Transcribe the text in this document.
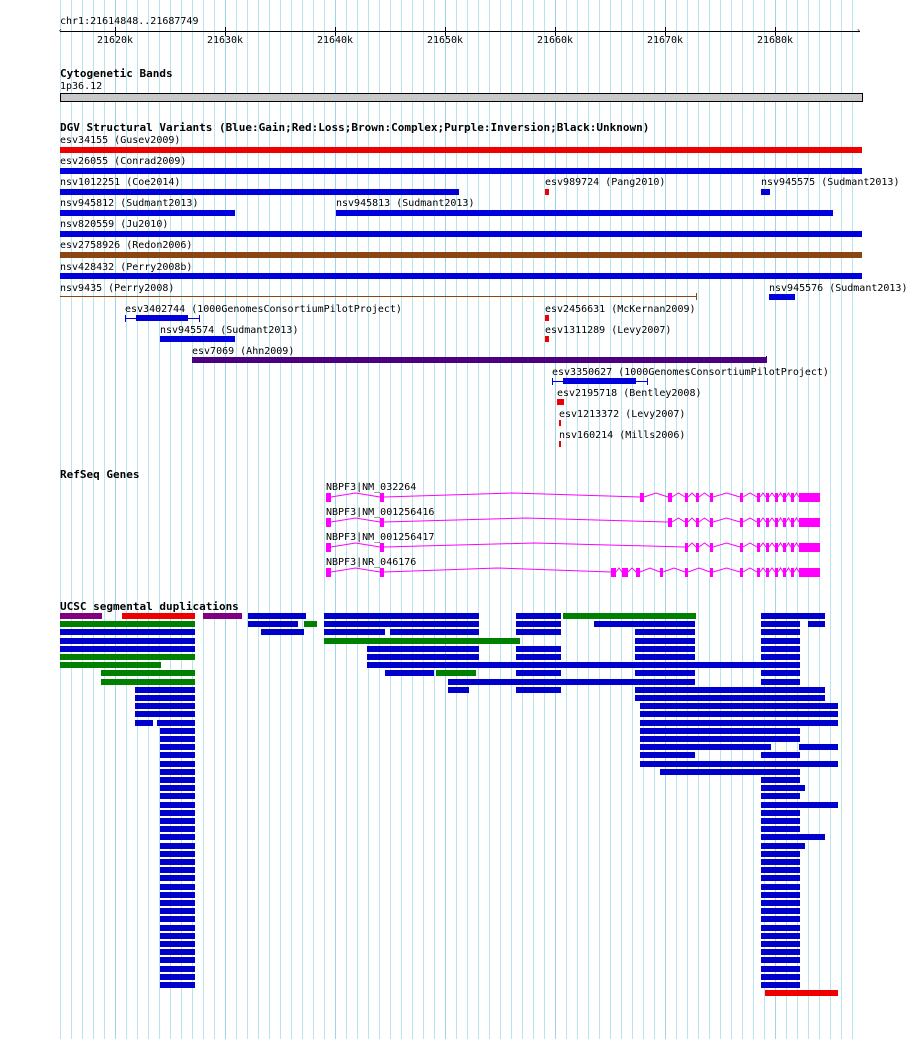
chr1:21614848..21687749
‹	›
21620k	21630k	21640k	21650k	21660k	21670k	21680k
Cytogenetic Bands
1p36.12
DGV Structural Variants (Blue:Gain;Red:Loss;Brown:Complex;Purple:Inversion;Black:Unknown)
esv34155 (Gusev2009)
esv26055 (Conrad2009)
nsv1012251 (Coe2014)	esv989724 (Pang2010)	nsv945575 (Sudmant2013)
nsv945812 (Sudmant2013)	nsv945813 (Sudmant2013)
nsv820559 (Ju2010)
esv2758926 (Redon2006)
nsv428432 (Perry2008b)
nsv9435 (Perry2008)	nsv945576 (Sudmant2013)
esv3402744 (1000GenomesConsortiumPilotProject)	esv2456631 (McKernan2009)
nsv945574 (Sudmant2013)	esv1311289 (Levy2007)
esv7069 (Ahn2009)
esv3350627 (1000GenomesConsortiumPilotProject)
esv2195718 (Bentley2008)
esv1213372 (Levy2007)
nsv160214 (Mills2006)
RefSeq Genes
NBPF3|NM_032264
NBPF3|NM_001256416
NBPF3|NM_001256417
NBPF3|NR_046176
UCSC segmental duplications
